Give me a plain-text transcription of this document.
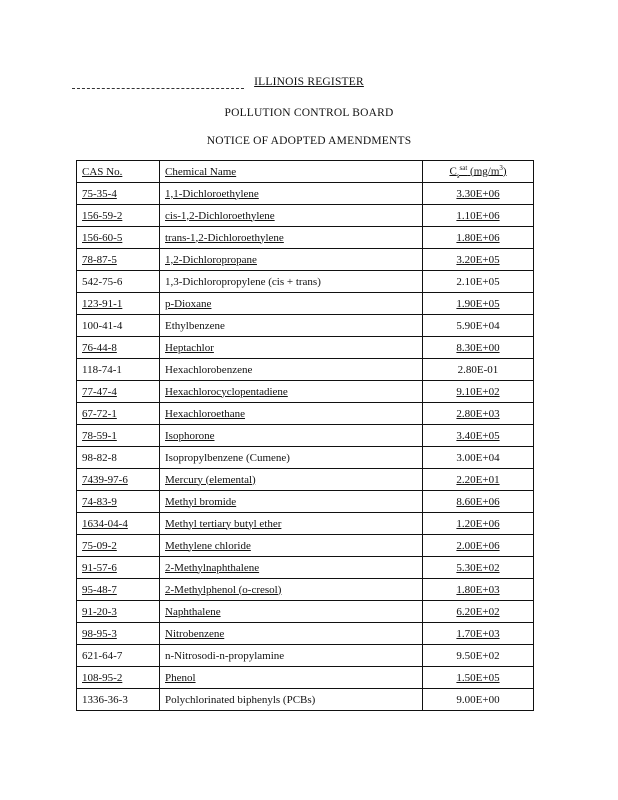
ILLINOIS REGISTER
POLLUTION CONTROL BOARD
NOTICE OF ADOPTED AMENDMENTS
CAS No.	Chemical Name	$C_s^{sat}$ $(mg/m^3)$
75-35-4	1,1-Dichloroethylene	3.30E+06
156-59-2	cis-1,2-Dichloroethylene	1.10E+06
156-60-5	trans-1,2-Dichloroethylene	1.80E+06
78-87-5	1,2-Dichloropropane	3.20E+05
542-75-6	1,3-Dichloropropylene (cis + trans)	2.10E+05
123-91-1	p-Dioxane	1.90E+05
100-41-4	Ethylbenzene	5.90E+04
76-44-8	Heptachlor	8.30E+00
118-74-1	Hexachlorobenzene	2.80E-01
77-47-4	Hexachlorocyclopentadiene	9.10E+02
67-72-1	Hexachloroethane	2.80E+03
78-59-1	Isophorone	3.40E+05
98-82-8	Isopropylbenzene (Cumene)	3.00E+04
7439-97-6	Mercury (elemental)	2.20E+01
74-83-9	Methyl bromide	8.60E+06
1634-04-4	Methyl tertiary butyl ether	1.20E+06
75-09-2	Methylene chloride	2.00E+06
91-57-6	2-Methylnaphthalene	5.30E+02
95-48-7	2-Methylphenol (o-cresol)	1.80E+03
91-20-3	Naphthalene	6.20E+02
98-95-3	Nitrobenzene	1.70E+03
621-64-7	n-Nitrosodi-n-propylamine	9.50E+02
108-95-2	Phenol	1.50E+05
1336-36-3	Polychlorinated biphenyls (PCBs)	9.00E+00
